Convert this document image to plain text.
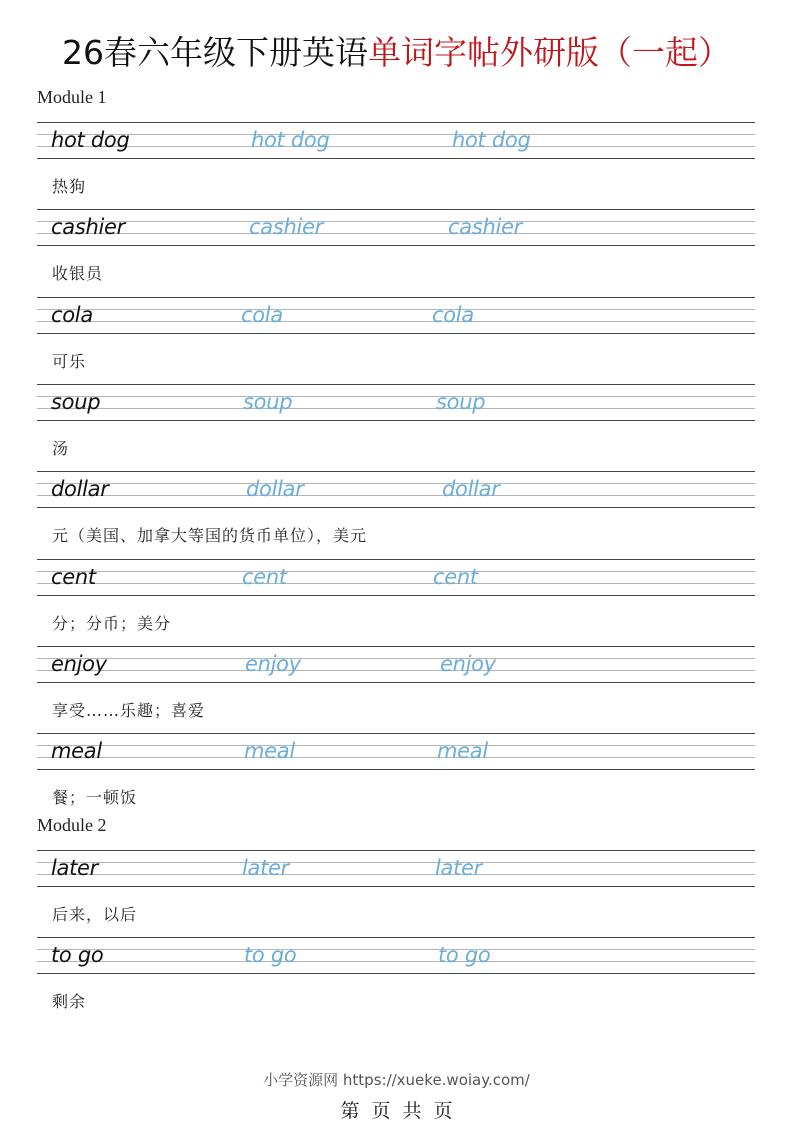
26春六年级下册英语单词字帖外研版（一起）
Module 1
hot dog	hot dog	hot dog
热狗
cashier	cashier	cashier
收银员
cola	cola	cola
可乐
soup	soup	soup
汤
dollar	dollar	dollar
元（美国、加拿大等国的货币单位），美元
cent	cent	cent
分；分币；美分
enjoy	enjoy	enjoy
享受……乐趣；喜爱
meal	meal	meal
餐；一顿饭
Module 2
later	later	later
后来，以后
to go	to go	to go
剩余
小学资源网 https://xueke.woiay.com/
第 页 共 页
